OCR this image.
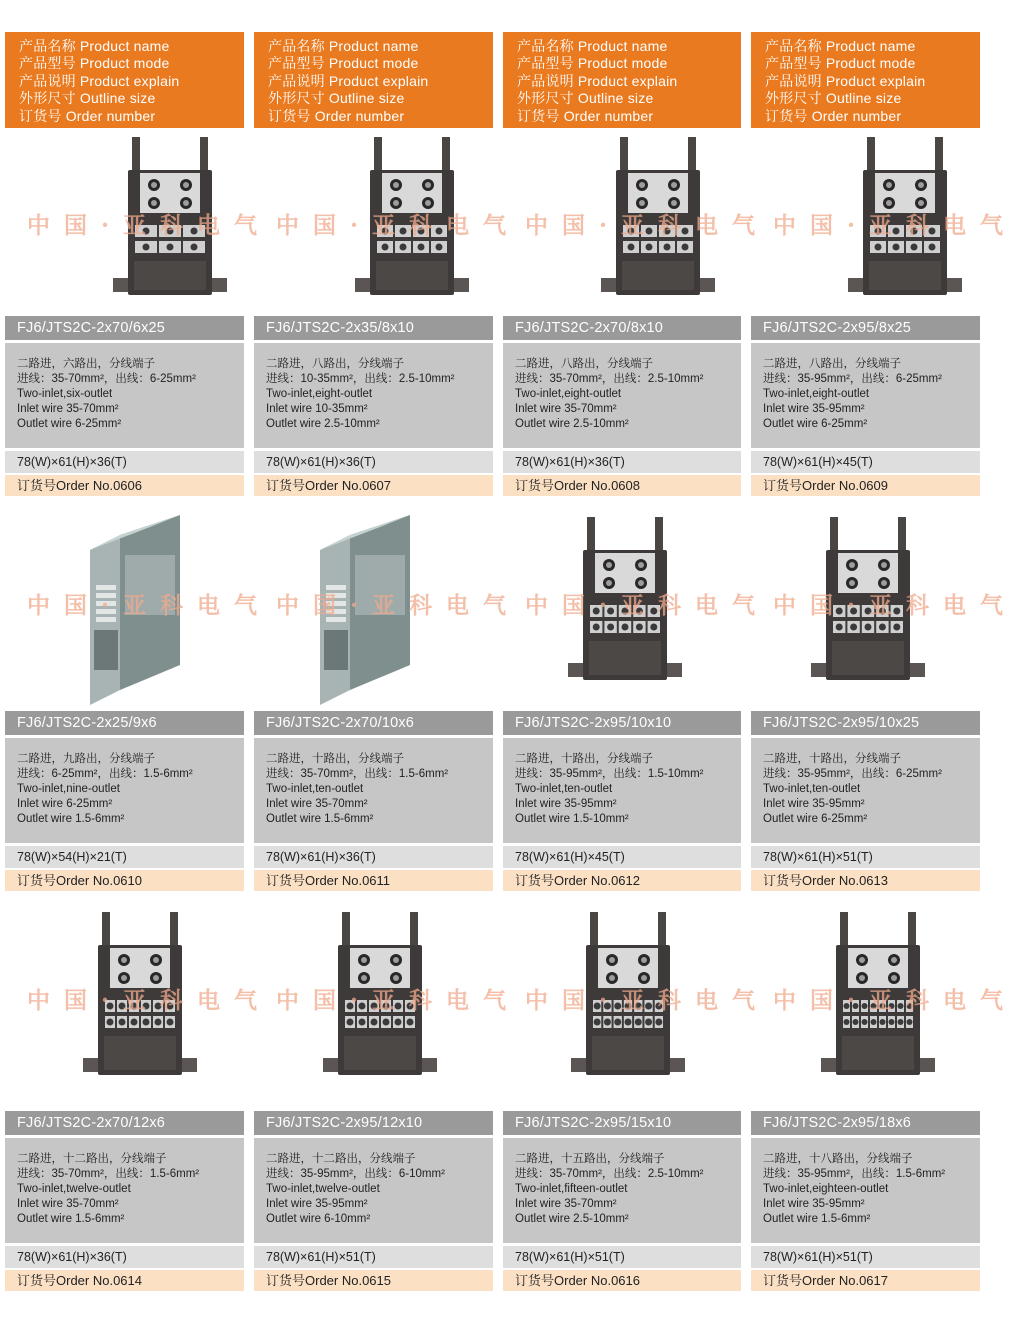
产品名称 Product name
产品型号 Product mode
产品说明 Product explain
外形尺寸 Outline size
订货号 Order number
产品名称 Product name
产品型号 Product mode
产品说明 Product explain
外形尺寸 Outline size
订货号 Order number
产品名称 Product name
产品型号 Product mode
产品说明 Product explain
外形尺寸 Outline size
订货号 Order number
产品名称 Product name
产品型号 Product mode
产品说明 Product explain
外形尺寸 Outline size
订货号 Order number
中国·亚科电气
FJ6/JTS2C-2x70/6x25
二路进，六路出，分线端子
进线：35-70mm²，出线：6-25mm²
Two-inlet,six-outlet
Inlet wire 35-70mm²
Outlet wire 6-25mm²
78(W)×61(H)×36(T)
订货号Order No.0606
中国·亚科电气
FJ6/JTS2C-2x35/8x10
二路进，八路出，分线端子
进线：10-35mm²，出线：2.5-10mm²
Two-inlet,eight-outlet
Inlet wire 10-35mm²
Outlet wire 2.5-10mm²
78(W)×61(H)×36(T)
订货号Order No.0607
中国·亚科电气
FJ6/JTS2C-2x70/8x10
二路进，八路出，分线端子
进线：35-70mm²，出线：2.5-10mm²
Two-inlet,eight-outlet
Inlet wire 35-70mm²
Outlet wire 2.5-10mm²
78(W)×61(H)×36(T)
订货号Order No.0608
中国·亚科电气
FJ6/JTS2C-2x95/8x25
二路进，八路出，分线端子
进线：35-95mm²，出线：6-25mm²
Two-inlet,eight-outlet
Inlet wire 35-95mm²
Outlet wire 6-25mm²
78(W)×61(H)×45(T)
订货号Order No.0609
中国·亚科电气
FJ6/JTS2C-2x25/9x6
二路进，九路出，分线端子
进线：6-25mm²，出线：1.5-6mm²
Two-inlet,nine-outlet
Inlet wire 6-25mm²
Outlet wire 1.5-6mm²
78(W)×54(H)×21(T)
订货号Order No.0610
中国·亚科电气
FJ6/JTS2C-2x70/10x6
二路进，十路出，分线端子
进线：35-70mm²，出线：1.5-6mm²
Two-inlet,ten-outlet
Inlet wire 35-70mm²
Outlet wire 1.5-6mm²
78(W)×61(H)×36(T)
订货号Order No.0611
中国·亚科电气
FJ6/JTS2C-2x95/10x10
二路进，十路出，分线端子
进线：35-95mm²，出线：1.5-10mm²
Two-inlet,ten-outlet
Inlet wire 35-95mm²
Outlet wire 1.5-10mm²
78(W)×61(H)×45(T)
订货号Order No.0612
中国·亚科电气
FJ6/JTS2C-2x95/10x25
二路进，十路出，分线端子
进线：35-95mm²，出线：6-25mm²
Two-inlet,ten-outlet
Inlet wire 35-95mm²
Outlet wire 6-25mm²
78(W)×61(H)×51(T)
订货号Order No.0613
中国·亚科电气
FJ6/JTS2C-2x70/12x6
二路进，十二路出，分线端子
进线：35-70mm²，出线：1.5-6mm²
Two-inlet,twelve-outlet
Inlet wire 35-70mm²
Outlet wire 1.5-6mm²
78(W)×61(H)×36(T)
订货号Order No.0614
中国·亚科电气
FJ6/JTS2C-2x95/12x10
二路进，十二路出，分线端子
进线：35-95mm²，出线：6-10mm²
Two-inlet,twelve-outlet
Inlet wire 35-95mm²
Outlet wire 6-10mm²
78(W)×61(H)×51(T)
订货号Order No.0615
中国·亚科电气
FJ6/JTS2C-2x95/15x10
二路进，十五路出，分线端子
进线：35-70mm²，出线：2.5-10mm²
Two-inlet,fifteen-outlet
Inlet wire 35-70mm²
Outlet wire 2.5-10mm²
78(W)×61(H)×51(T)
订货号Order No.0616
中国·亚科电气
FJ6/JTS2C-2x95/18x6
二路进，十八路出，分线端子
进线：35-95mm²，出线：1.5-6mm²
Two-inlet,eighteen-outlet
Inlet wire 35-95mm²
Outlet wire 1.5-6mm²
78(W)×61(H)×51(T)
订货号Order No.0617
